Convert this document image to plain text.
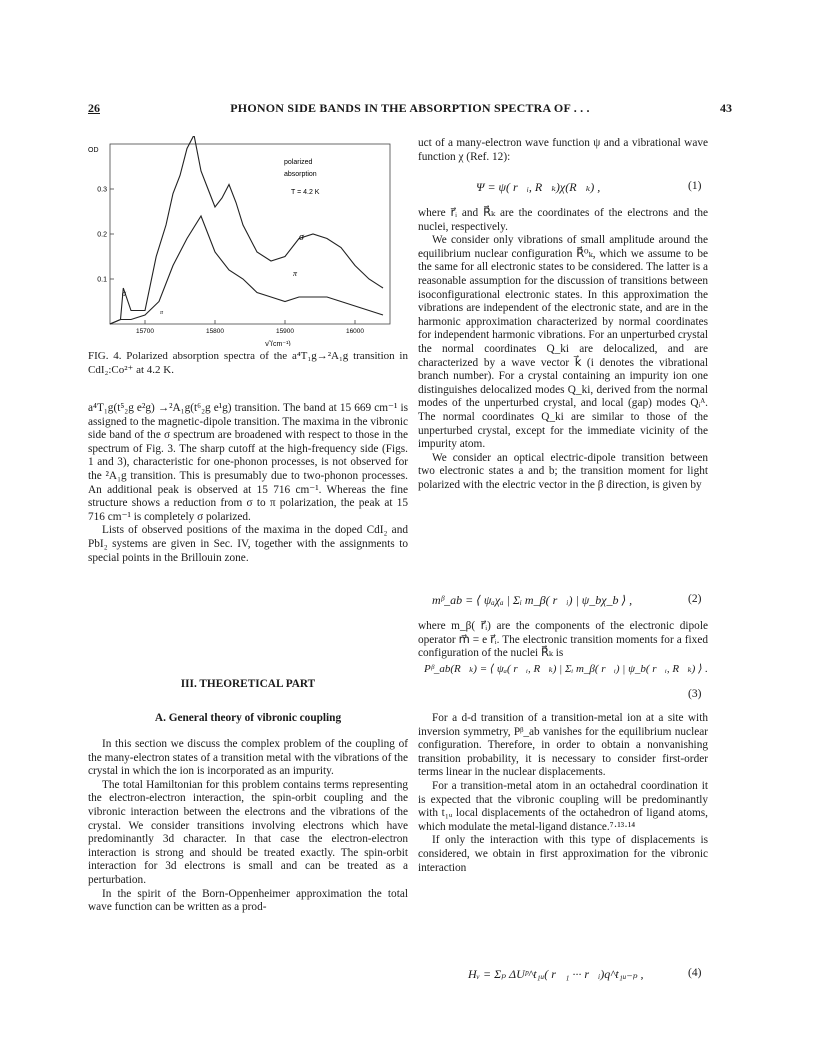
26	PHONON SIDE BANDS IN THE ABSORPTION SPECTRA OF . . .	43
0.3
0.2
0.1
15700	15800	15900	16000
OD
polarized
absorption
T = 4.2 K
σ
π
σ
π
ν̃ (cm⁻¹)
FIG. 4. Polarized absorption spectra of the a⁴T₁g→²A₁g transition in CdI₂:Co²⁺ at 4.2 K.

a⁴T₁g(t⁵₂g e²g) →²A₁g(t⁶₂g e¹g) transition. The band at 15 669 cm⁻¹ is assigned to the magnetic-dipole transition. The maxima in the vibronic side band of the σ spectrum are broadened with respect to those in the spectrum of Fig. 3. The sharp cutoff at the high-frequency side (Figs. 1 and 3), characteristic for one-phonon processes, is not observed for the ²A₁g transition. This is presumably due to two-phonon processes. An additional peak is observed at 15 716 cm⁻¹. Whereas the fine structure shows a reduction from σ to π polarization, the peak at 15 716 cm⁻¹ is completely σ polarized.

Lists of observed positions of the maxima in the doped CdI₂ and PbI₂ systems are given in Sec. IV, together with the assignments to special points in the Brillouin zone.

III. THEORETICAL PART
A. General theory of vibronic coupling

In this section we discuss the complex problem of the coupling of the many-electron states of a transition metal with the vibrations of the crystal in which the ion is incorporated as an impurity.

The total Hamiltonian for this problem contains terms representing the electron-electron interaction, the spin-orbit coupling and the vibronic interaction between the electrons and the vibrations of the crystal. We consider transitions involving electrons which have predominantly 3d character. In that case the electron-electron interaction is strong and should be treated exactly. The spin-orbit interaction for 3d electrons is small and can be treated as a perturbation.

In the spirit of the Born-Oppenheimer approximation the total wave function can be written as a prod-

uct of a many-electron wave function ψ and a vibrational wave function χ (Ref. 12):
Ψ = ψ( r⃗ᵢ, R⃗ₖ)χ(R⃗ₖ) ,	(1)

where r⃗ᵢ and R⃗ₖ are the coordinates of the electrons and the nuclei, respectively.

We consider only vibrations of small amplitude around the equilibrium nuclear configuration R⃗⁰ₖ, which we assume to be the same for all electronic states to be considered. The latter is a reasonable assumption for the discussion of transitions between isoconfigurational electronic states. In this approximation the vibrations are independent of the electronic state, and are in the harmonic approximation characterized by normal coordinates for independent harmonic vibrations. For an unperturbed crystal the normal coordinates Q_ki are delocalized, and are characterized by a wave vector k⃗ (i denotes the vibrational branch number). For a crystal containing an impurity ion one distinguishes delocalized modes Q_ki, derived from the normal modes of the unperturbed crystal, and local (gap) modes Qᵢᴬ. The normal coordinates Q_ki are similar to those of the unperturbed crystal, except for the immediate vicinity of the impurity atom.

We consider an optical electric-dipole transition between two electronic states a and b; the transition moment for light polarized with the electric vector in the β direction, is given by

mᵝ_ab = ⟨ ψₐχₐ | Σᵢ m_β( r⃗ᵢ) | ψ_bχ_b ⟩ ,	(2)
where m_β( r⃗ᵢ) are the components of the electronic dipole operator m⃗ = e r⃗ᵢ. The electronic transition moments for a fixed configuration of the nuclei R⃗ₖ is
Pᵝ_ab(R⃗ₖ) = ⟨ ψₐ( r⃗ᵢ, R⃗ₖ) | Σᵢ m_β( r⃗ᵢ) | ψ_b( r⃗ᵢ, R⃗ₖ) ⟩ .
(3)

For a d-d transition of a transition-metal ion at a site with inversion symmetry, Pᵝ_ab vanishes for the equilibrium nuclear configuration. Therefore, in order to obtain a nonvanishing transition probability, it is necessary to consider first-order terms linear in the nuclear displacements.

For a transition-metal atom in an octahedral coordination it is expected that the vibronic coupling will be predominantly with t₁ᵤ local displacements of the octahedron of ligand atoms, which modulate the metal-ligand distance.⁷·¹³·¹⁴

If only the interaction with this type of displacements is considered, we obtain in first approximation for the vibronic interaction

Hᵥ = Σₚ ΔUᵖ^t₁ᵤ( r⃗₁ ··· r⃗ᵢ)q^t₁ᵤ₋ₚ ,	(4)
